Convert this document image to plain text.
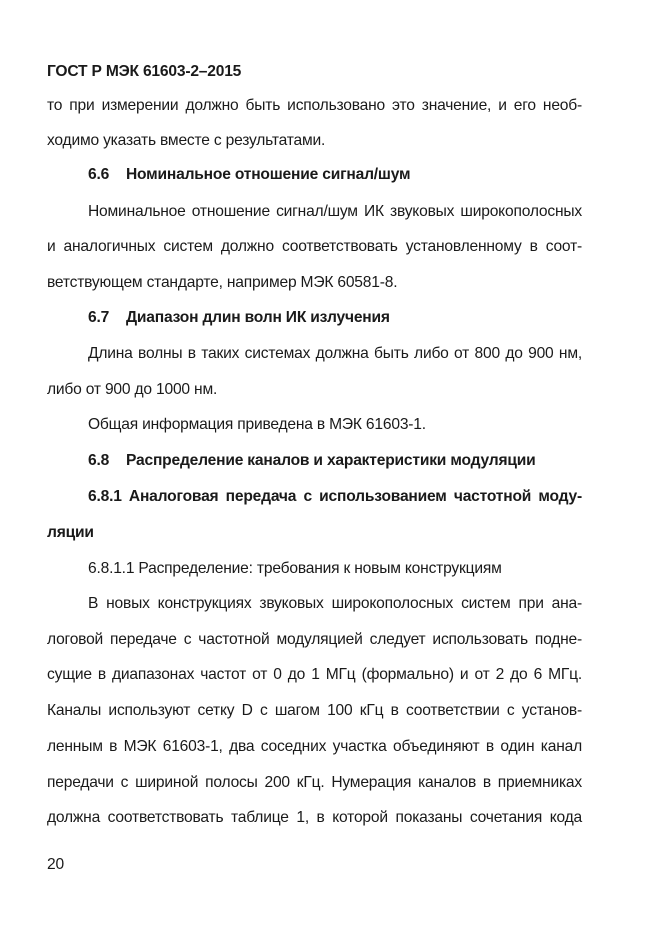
ГОСТ Р МЭК 61603-2–2015
то при измерении должно быть использовано это значение, и его необ-
ходимо указать вместе с результатами.
6.6 Номинальное отношение сигнал/шум
Номинальное отношение сигнал/шум ИК звуковых широкополосных
и аналогичных систем должно соответствовать установленному в соот-
ветствующем стандарте, например МЭК 60581-8.
6.7 Диапазон длин волн ИК излучения
Длина волны в таких системах должна быть либо от 800 до 900 нм,
либо от 900 до 1000 нм.
Общая информация приведена в МЭК 61603-1.
6.8 Распределение каналов и характеристики модуляции
6.8.1 Аналоговая передача с использованием частотной моду-
ляции
6.8.1.1 Распределение: требования к новым конструкциям
В новых конструкциях звуковых широкополосных систем при ана-
логовой передаче с частотной модуляцией следует использовать подне-
сущие в диапазонах частот от 0 до 1 МГц (формально) и от 2 до 6 МГц.
Каналы используют сетку D с шагом 100 кГц в соответствии с установ-
ленным в МЭК 61603-1, два соседних участка объединяют в один канал
передачи с шириной полосы 200 кГц. Нумерация каналов в приемниках
должна соответствовать таблице 1, в которой показаны сочетания кода
20
